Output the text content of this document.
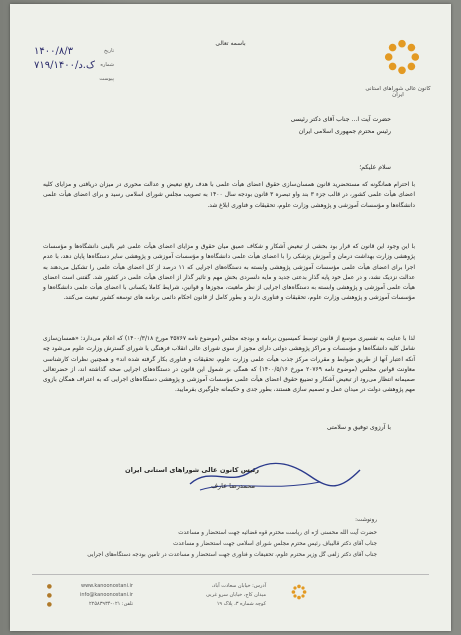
کانون عالی شوراهای استانی ایران
باسمه تعالی
تاریخ
۱۴۰۰/۸/۳
شماره
۷۱۹/۱۴۰۰/ک.د
پیوست
حضرت آیت ا... جناب آقای دکتر رئیسی
رئیس محترم جمهوری اسلامی ایران
سلام علیکم؛
با احترام همانگونه که مستحضرید قانون همسان‌سازی حقوق اعضای هیأت علمی با هدف رفع تبعیض و عدالت محوری در میزان دریافتی و مزایای کلیه اعضای هیأت علمی کشور، در قالب جزء ۳ بند واو تبصره ۳ قانون بودجه سال ۱۴۰۰ به تصویب مجلس شورای اسلامی رسید و برای اعضای هیأت علمی دانشگاه‌ها و مؤسسات آموزشی و پژوهشی وزارت علوم، تحقیقات و فناوری ابلاغ شد.
با این وجود این قانون که قرار بود بخشی از تبعیض آشکار و شکاف عمیق میان حقوق و مزایای اعضای هیأت علمی غیر بالینی دانشگاه‌ها و مؤسسات پژوهشی وزارت بهداشت درمان و آموزش پزشکی را با اعضای هیأت علمی دانشگاه‌ها و مؤسسات آموزشی و پژوهشی سایر دستگاه‌ها پایان دهد، با عدم اجرا برای اعضای هیأت علمی مؤسسات آموزشی پژوهشی وابسته به دستگاه‌های اجرایی که ۱۱ درصد از کل اعضای هیأت علمی را تشکیل می‌دهند به عدالت نزدیک نشد، و در عمل خود پایه گذار بدعتی جدید و مایه دلسردی بخش مهم و تاثیر گذار از اعضای هیأت علمی در کشور شد. گفتنی است اعضای هیأت علمی آموزشی و پژوهشی وابسته به دستگاه‌های اجرایی از نظر ماهیت، مجوزها و قوانین، شرایط کاملا یکسانی با اعضای هیأت علمی دانشگاه‌ها و مؤسسات آموزشی و پژوهشی وزارت علوم، تحقیقات و فناوری دارند و بطور کامل از قانون احکام دائمی برنامه های توسعه کشور تبعیت می‌کنند.
لذا با عنایت به تفسیری موسع از قانون توسط کمیسیون برنامه و بودجه مجلس (موضوع نامه ۳۵۷۶۷ مورخ ۱۴۰۰/۳/۱۸) که اعلام می‌دارد: «همسان‌سازی شامل کلیه دانشگاه‌ها و مؤسسات و مراکز پژوهشی دولتی دارای مجوز از سوی شورای عالی انقلاب فرهنگی یا شورای گسترش وزارت علوم می‌شود چه آنکه اعتبار آنها از طریق ضوابط و مقررات مرکز جذب هیأت علمی وزارت علوم، تحقیقات و فناوری بکار گرفته شده اند» و همچنین نظرات کارشناسی معاونت قوانین مجلس (موضوع نامه ۲۰۷۶۹ مورخ ۱۴۰۰/۵/۱۶) که همگی بر شمول این قانون در دستگاه‌های اجرایی صحه گذاشته اند، از حضرتعالی صمیمانه انتظار می‌رود از تبعیض آشکار و تضییع حقوق اعضای هیأت علمی مؤسسات آموزشی و پژوهشی دستگاه‌های اجرایی که به اعتراف همگان بازوی مهم پژوهشی دولت در میدان عمل و تصمیم سازی هستند، بطور جدی و حکیمانه جلوگیری بفرمایید.
با آرزوی توفیق و سلامتی
رئیس کانون عالی شوراهای استانی ایران
محمدرضا عارف
رونوشت:
حضرت آیت الله محسنی اژه ای ریاست محترم قوه قضائیه جهت استحضار و مساعدت
جناب آقای دکتر قالیباف رئیس محترم مجلس شورای اسلامی جهت استحضار و مساعدت
جناب آقای دکتر زلفی گل وزیر محترم علوم، تحقیقات و فناوری جهت استحضار و مساعدت در تامین بودجه دستگاه‌های اجرایی
آدرس: خیابان سعادت آباد،
میدان کاج، خیابان سرو غربی
کوچه شماره ۳، پلاک ۱۹
www.kanoonostani.ir
info@kanoonostani.ir
تلفن: ۰۲۱-۲۲۵۸۳۹۳۴
●
●
●
